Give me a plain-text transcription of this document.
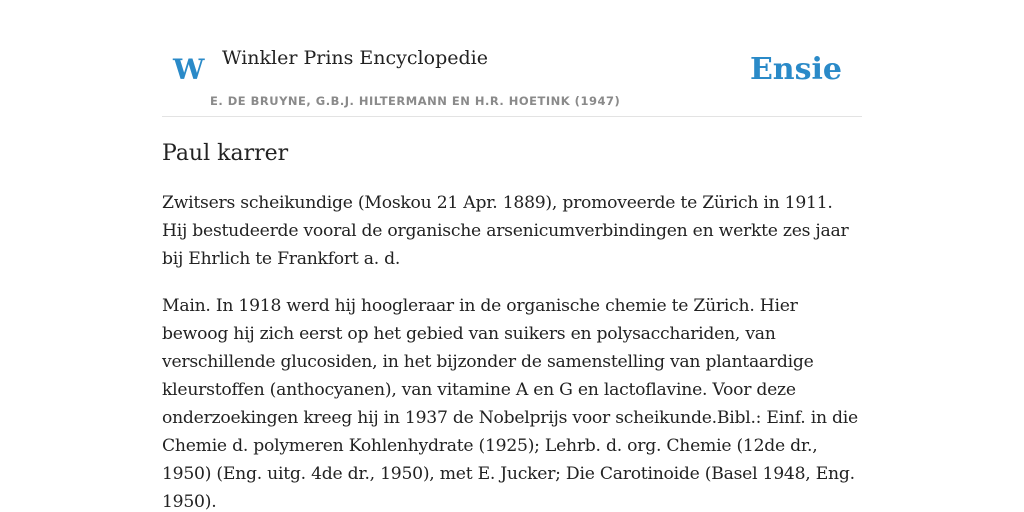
W Winkler Prins Encyclopedie
E. DE BRUYNE, G.B.J. HILTERMANN EN H.R. HOETINK (1947)
Ensie
Paul karrer

Zwitsers scheikundige (Moskou 21 Apr. 1889), promoveerde te Zürich in 1911. Hij bestudeerde vooral de organische arsenicumverbindingen en werkte zes jaar bij Ehrlich te Frankfort a. d.

Main. In 1918 werd hij hoogleraar in de organische chemie te Zürich. Hier bewoog hij zich eerst op het gebied van suikers en polysacchariden, van verschillende glucosiden, in het bijzonder de samenstelling van plantaardige kleurstoffen (anthocyanen), van vitamine A en G en lactoflavine. Voor deze onderzoekingen kreeg hij in 1937 de Nobelprijs voor scheikunde.Bibl.: Einf. in die Chemie d. polymeren Kohlenhydrate (1925); Lehrb. d. org. Chemie (12de dr., 1950) (Eng. uitg. 4de dr., 1950), met E. Jucker; Die Carotinoide (Basel 1948, Eng. 1950).
